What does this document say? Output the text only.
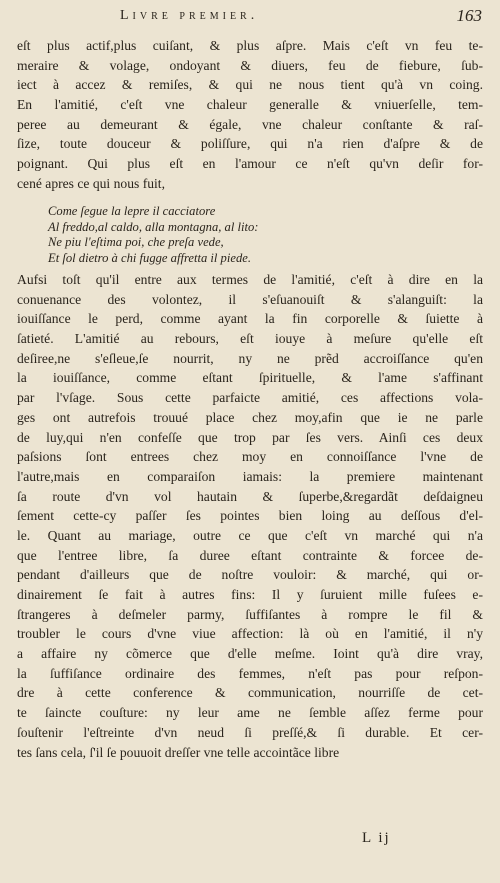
Livre premier.	163
eſt plus actif,plus cuiſant, & plus aſpre. Mais c'eſt vn feu te-
meraire & volage, ondoyant & diuers, feu de fiebure, ſub-
iect à accez & remiſes, & qui ne nous tient qu'à vn coing.
En l'amitié, c'eſt vne chaleur generalle & vniuerſelle, tem-
peree au demeurant & égale, vne chaleur conſtante & raſ-
ſize, toute douceur & poliſſure, qui n'a rien d'aſpre & de
poignant. Qui plus eſt en l'amour ce n'eſt qu'vn deſir for-
cené apres ce qui nous fuit,
Come ſegue la lepre il cacciatore
Al freddo,al caldo, alla montagna, al lito:
Ne piu l'eſtima poi, che preſa vede,
Et ſol dietro à chi fugge affretta il piede.
Aufsi toſt qu'il entre aux termes de l'amitié, c'eſt à dire en la
conuenance des volontez, il s'eſuanouiſt & s'alanguiſt: la
iouiſſance le perd, comme ayant la fin corporelle & ſuiette à
ſatieté. L'amitié au rebours, eſt iouye à meſure qu'elle eſt
deſiree,ne s'eſleue,ſe nourrit, ny ne prẽd accroiſſance qu'en
la iouiſſance, comme eſtant ſpirituelle, & l'ame s'affinant
par l'vſage. Sous cette parfaicte amitié, ces affections vola-
ges ont autrefois trouué place chez moy,afin que ie ne parle
de luy,qui n'en confeſſe que trop par ſes vers. Ainſi ces deux
paſsions ſont entrees chez moy en connoiſſance l'vne de
l'autre,mais en comparaiſon iamais: la premiere maintenant
ſa route d'vn vol hautain & ſuperbe,&regardãt deſdaigneu
ſement cette-cy paſſer ſes pointes bien loing au deſſous d'el-
le. Quant au mariage, outre ce que c'eſt vn marché qui n'a
que l'entree libre, ſa duree eſtant contrainte & forcee de-
pendant d'ailleurs que de noſtre vouloir: & marché, qui or-
dinairement ſe fait à autres fins: Il y ſuruient mille fuſees e-
ſtrangeres à deſmeler parmy, ſuffiſantes à rompre le fil &
troubler le cours d'vne viue affection: là où en l'amitié, il n'y
a affaire ny cõmerce que d'elle meſme. Ioint qu'à dire vray,
la ſuffiſance ordinaire des femmes, n'eſt pas pour reſpon-
dre à cette conference & communication, nourriſſe de cet-
te ſaincte couſture: ny leur ame ne ſemble aſſez ferme pour
ſouſtenir l'eſtreinte d'vn neud ſi preſſé,& ſi durable. Et cer-
tes ſans cela, ſ'il ſe pouuoit dreſſer vne telle accointãce libre
L ij
